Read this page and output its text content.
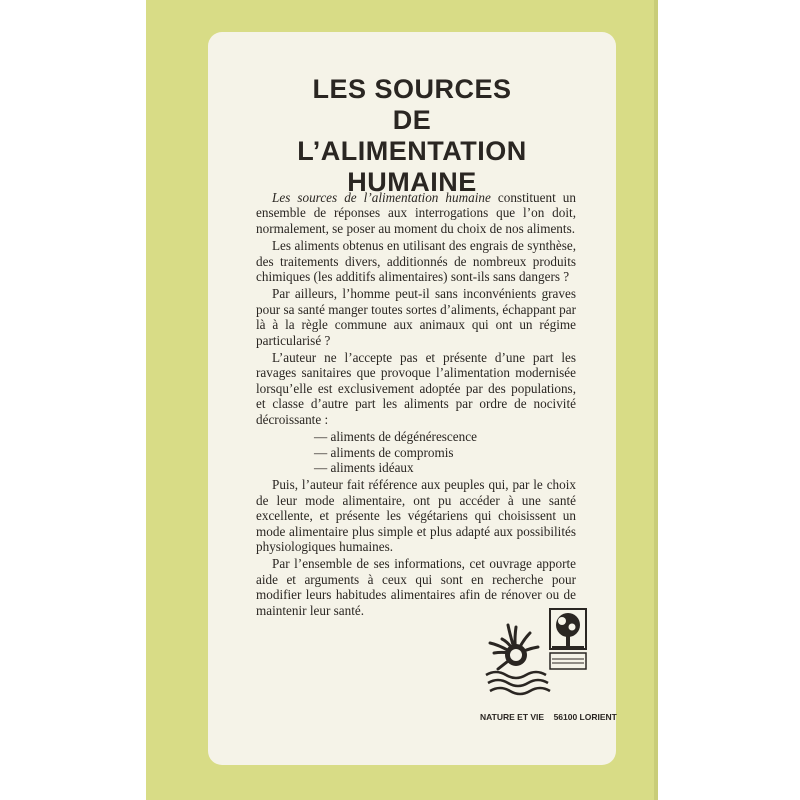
LES SOURCES
DE
L’ALIMENTATION
HUMAINE

Les sources de l’alimentation humaine constituent un ensemble de réponses aux interrogations que l’on doit, normalement, se poser au moment du choix de nos aliments.

Les aliments obtenus en utilisant des engrais de synthèse, des traitements divers, additionnés de nombreux produits chimiques (les additifs alimentaires) sont-ils sans dangers ?

Par ailleurs, l’homme peut-il sans inconvénients graves pour sa santé manger toutes sortes d’aliments, échappant par là à la règle commune aux animaux qui ont un régime particularisé ?

L’auteur ne l’accepte pas et présente d’une part les ravages sanitaires que provoque l’alimentation modernisée lorsqu’elle est exclusivement adoptée par des populations, et classe d’autre part les aliments par ordre de nocivité décroissante :

— aliments de dégénérescence
— aliments de compromis
— aliments idéaux

Puis, l’auteur fait référence aux peuples qui, par le choix de leur mode alimentaire, ont pu accéder à une santé excellente, et présente les végétariens qui choisissent un mode alimentaire plus simple et plus adapté aux possibilités physiologiques humaines.

Par l’ensemble de ses informations, cet ouvrage apporte aide et arguments à ceux qui sont en recherche pour modifier leurs habitudes alimentaires afin de rénover ou de maintenir leur santé.

NATURE ET VIE 56100 LORIENT
